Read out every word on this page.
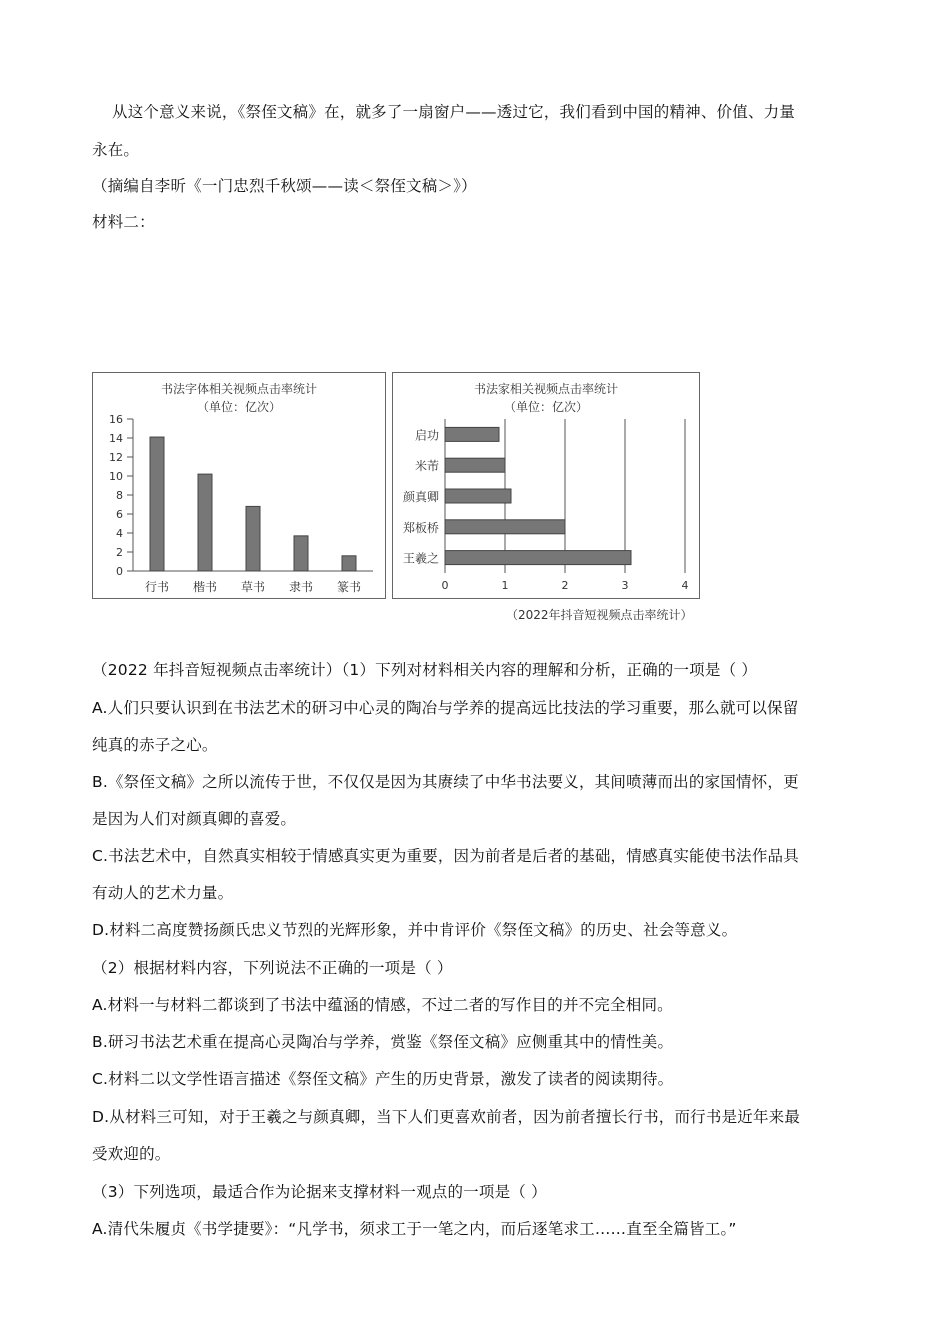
从这个意义来说，《祭侄文稿》在，就多了一扇窗户——透过它，我们看到中国的精神、价值、力量
永在。
（摘编自李昕《一门忠烈千秋颂——读＜祭侄文稿＞》）
材料二：
书法字体相关视频点击率统计
（单位：亿次）
0
2
4
6
8
10
12
14
16
行书 楷书 草书 隶书 篆书
书法家相关视频点击率统计
（单位：亿次）
0	1	2	3	4
启功
米芾
颜真卿
郑板桥
王羲之
（2022年抖音短视频点击率统计）
（2022 年抖音短视频点击率统计）（1）下列对材料相关内容的理解和分析，正确的一项是（ ）
A.人们只要认识到在书法艺术的研习中心灵的陶冶与学养的提高远比技法的学习重要，那么就可以保留
纯真的赤子之心。
B.《祭侄文稿》之所以流传于世，不仅仅是因为其赓续了中华书法要义，其间喷薄而出的家国情怀，更
是因为人们对颜真卿的喜爱。
C.书法艺术中，自然真实相较于情感真实更为重要，因为前者是后者的基础，情感真实能使书法作品具
有动人的艺术力量。
D.材料二高度赞扬颜氏忠义节烈的光辉形象，并中肯评价《祭侄文稿》的历史、社会等意义。
（2）根据材料内容，下列说法不正确的一项是（ ）
A.材料一与材料二都谈到了书法中蕴涵的情感，不过二者的写作目的并不完全相同。
B.研习书法艺术重在提高心灵陶冶与学养，赏鉴《祭侄文稿》应侧重其中的情性美。
C.材料二以文学性语言描述《祭侄文稿》产生的历史背景，激发了读者的阅读期待。
D.从材料三可知，对于王羲之与颜真卿，当下人们更喜欢前者，因为前者擅长行书，而行书是近年来最
受欢迎的。
（3）下列选项，最适合作为论据来支撑材料一观点的一项是（ ）
A.清代朱履贞《书学捷要》：“凡学书，须求工于一笔之内，而后逐笔求工……直至全篇皆工。”
